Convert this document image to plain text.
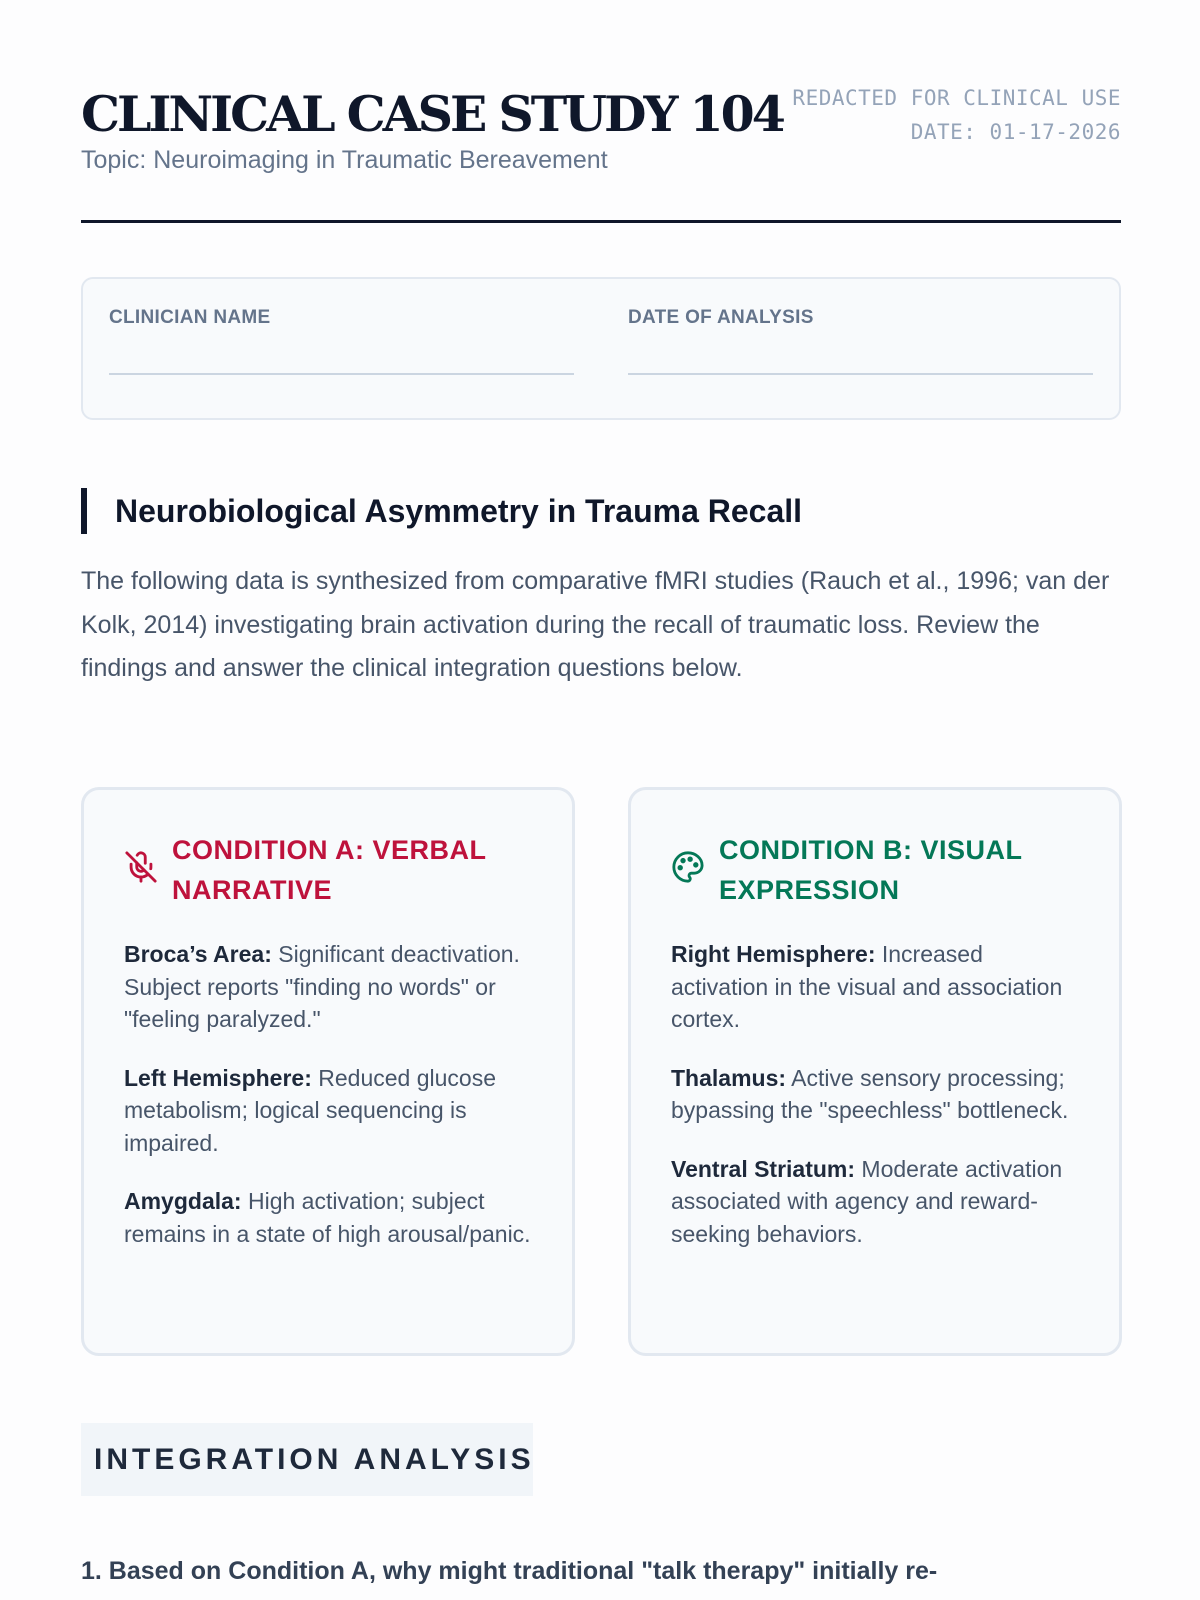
CLINICAL CASE STUDY 104
Topic: Neuroimaging in Traumatic Bereavement
REDACTED FOR CLINICAL USE
DATE: 01-17-2026
CLINICIAN NAME	DATE OF ANALYSIS
Neurobiological Asymmetry in Trauma Recall

The following data is synthesized from comparative fMRI studies (Rauch et al., 1996; van der Kolk, 2014) investigating brain activation during the recall of traumatic loss. Review the findings and answer the clinical integration questions below.

CONDITION A: VERBAL NARRATIVE

Broca’s Area: Significant deactivation. Subject reports "finding no words" or "feeling paralyzed."

Left Hemisphere: Reduced glucose metabolism; logical sequencing is impaired.

Amygdala: High activation; subject remains in a state of high arousal/panic.

CONDITION B: VISUAL EXPRESSION

Right Hemisphere: Increased activation in the visual and association cortex.

Thalamus: Active sensory processing; bypassing the "speechless" bottleneck.

Ventral Striatum: Moderate activation associated with agency and reward-seeking behaviors.

INTEGRATION ANALYSIS

1. Based on Condition A, why might traditional "talk therapy" initially re-
